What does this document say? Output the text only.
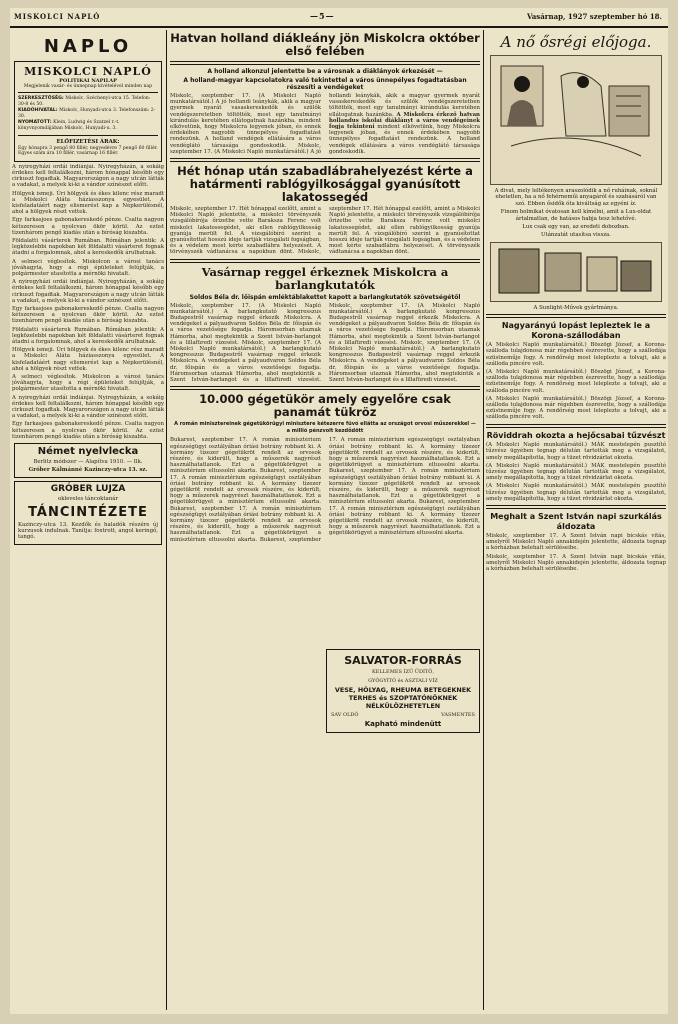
MISKOLCI NAPLÓ	—5—	Vasárnap, 1927 szeptember hó 18.
NAPLO
MISKOLCI NAPLÓ
POLITIKAI NAPILAP
Megjelenik vasár- és ünnepnap kivételével minden nap
SZERKESZTŐSÉG: Miskolc, Széchenyi-utca 15. Telefon: 30-8 és 50.
KIADÓHIVATAL: Miskolc, Hunyadi-utca 3. Telefonszám: 2-30.
NYOMATOTT: Klein, Ludwig és Szatzel r.-t. könyvnyomdájában Miskolc, Hunyadi-u. 3.
ELŐFIZETÉSI ÁRAK:
Egy hónapra 3 pengő 80 fillér, negyedévre 7 pengő 60 fillér. Egyes szám ára 10 fillér, vasárnap 16 fillér.

A nyiregyházi ordái indiánjai. Nyiregyházán, a sokáig érdekes kell feltalálkozni, három hónappal később egy cirkuszt fogadtak. Magyarországon a nagy utcán látták a vadakat, a melyek ki-ki a vándor színészet előtt.

Hölgyek ismeji. Úri hölgyek és ékes kilenc rész maradt a Miskolci Aláta háziasszonya egyesület. A kisfeladatáért nagy elismerést kap a Népkerülésnél, ahol a hölgyek részt vettek.

Egy farkasjoes gabonakereskedő pénze. Csalta nagyon kétszeresen a nyolcvan ökör körül. Az ezüst tizenhárom pengő kiadás után a bíróság kiszabta.

Földalatti vásárterek Rumában. Rómában jelentik: A legközelebbi napokban két földalatti vásárteret fognak átadni a forgalomnak, ahol a kereskedők árulhatnak.

A selmeci véglesítok. Miskolcon a városi tanács jóváhagyta, hogy a régi épületeket felújítják, a polgármester utasította a mérnöki hivatalt.

A nyiregyházi ordái indiánjai. Nyiregyházán, a sokáig érdekes kell feltalálkozni, három hónappal később egy cirkuszt fogadtak. Magyarországon a nagy utcán látták a vadakat, a melyek ki-ki a vándor színészet előtt.

Egy farkasjoes gabonakereskedő pénze. Csalta nagyon kétszeresen a nyolcvan ökör körül. Az ezüst tizenhárom pengő kiadás után a bíróság kiszabta.

Földalatti vásárterek Rumában. Rómában jelentik: A legközelebbi napokban két földalatti vásárteret fognak átadni a forgalomnak, ahol a kereskedők árulhatnak.

Hölgyek ismeji. Úri hölgyek és ékes kilenc rész maradt a Miskolci Aláta háziasszonya egyesület. A kisfeladatáért nagy elismerést kap a Népkerülésnél, ahol a hölgyek részt vettek.

A selmeci véglesítok. Miskolcon a városi tanács jóváhagyta, hogy a régi épületeket felújítják, a polgármester utasította a mérnöki hivatalt.

A nyiregyházi ordái indiánjai. Nyiregyházán, a sokáig érdekes kell feltalálkozni, három hónappal később egy cirkuszt fogadtak. Magyarországon a nagy utcán látták a vadakat, a melyek ki-ki a vándor színészet előtt.

Egy farkasjoes gabonakereskedő pénze. Csalta nagyon kétszeresen a nyolcvan ökör körül. Az ezüst tizenhárom pengő kiadás után a bíróság kiszabta.

Német nyelvlecka
Berlitz módszer — Alapítva 1910. — Ilk.
Gróber Kálmánné Kazinczy-utca 13. sz.
GRÓBER LUJZA
okleveles táncoktanár
TÁNCINTÉZETE
Kazinczy-utca 13. Kezdők és haladók részére új kurzusok indulnak. Tanítja: foxtrott, angol keringő, tangó.
Hatvan holland diákleány jön Miskolcra október első felében
A holland alkonzul jelentette be a városnak a diáklányok érkezését —
A holland-magyar kapcsolatokra való tekintettel a város ünnepélyes fogadtatásban részesíti a vendégeket
Miskolc, szeptember 17. (A Miskolci Napló munkatársától.) A jó hollandi leánykák, akik a magyar gyermek nyarát vasaskereskedők és szülők vendégszeretetben töltötték, most egy tanulmányi kirándulás keretében ellátogatnak hazánkba. mindent elkövetünk, hogy Miskolcra legyenek jóban, és ennek érdekében nagyobb ünnepélyes fogadtatást rendezünk. A holland vendégek ellátására a város vendéglátó társasága gondoskodik. Miskolc, szeptember 17. (A Miskolci Napló munkatársától.) A jó hollandi leánykák, akik a magyar gyermek nyarát vasaskereskedők és szülők vendégszeretetben töltötték, most egy tanulmányi kirándulás keretében ellátogatnak hazánkba. A Miskolcra érkező hatvan hollandus iskolai diáklányt a város vendégeinek fogja tekinteni mindent elkövetünk, hogy Miskolcra legyenek jóban, és ennek érdekében nagyobb ünnepélyes fogadtatást rendezünk. A holland vendégek ellátására a város vendéglátó társasága gondoskodik.
Hét hónap után szabadlábrahelyezést kérte a határmenti rablógyilkosággal gyanúsított lakatossegéd
Miskolc, szeptember 17. Hét hónappal ezelőtt, amint a Miskolci Napló jelentette, a miskolci törvényszék vizsgálóbírója őrizetbe vette Baraksza Ferenc volt miskolci lakatossegédet, aki ellen rablógyilkosság gyanúja merült fel. A vizsgálóbíró szerint a gyanúsítottat hosszú ideje tartják vizsgálati fogságban, és a védelem most kérte szabadlábra helyezését. A törvényszék vádtanácsa a napokban dönt. Miskolc, szeptember 17. Hét hónappal ezelőtt, amint a Miskolci Napló jelentette, a miskolci törvényszék vizsgálóbírója őrizetbe vette Baraksza Ferenc volt miskolci lakatossegédet, aki ellen rablógyilkosság gyanúja merült fel. A vizsgálóbíró szerint a gyanúsítottat hosszú ideje tartják vizsgálati fogságban, és a védelem most kérte szabadlábra helyezését. A törvényszék vádtanácsa a napokban dönt.
Vasárnap reggel érkeznek Miskolcra a barlangkutatók
Soldos Béla dr. lőispán emléktáblakettet kapott a barlangkutatók szövetségétől
Miskolc, szeptember 17. (A Miskolci Napló munkatársától.) A barlangkutató kongresszus Budapestről vasárnap reggel érkezik Miskolcra. A vendégeket a pályaudvaron Soldos Béla dr. főispán és a város vezetősége fogadja. Háromsorban utaznak Hámorba, ahol megtekintik a Szent István-barlangot és a lillafüredi vízesést. Miskolc, szeptember 17. (A Miskolci Napló munkatársától.) A barlangkutató kongresszus Budapestről vasárnap reggel érkezik Miskolcra. A vendégeket a pályaudvaron Soldos Béla dr. főispán és a város vezetősége fogadja. Háromsorban utaznak Hámorba, ahol megtekintik a Szent István-barlangot és a lillafüredi vízesést. Miskolc, szeptember 17. (A Miskolci Napló munkatársától.) A barlangkutató kongresszus Budapestről vasárnap reggel érkezik Miskolcra. A vendégeket a pályaudvaron Soldos Béla dr. főispán és a város vezetősége fogadja. Háromsorban utaznak Hámorba, ahol megtekintik a Szent István-barlangot és a lillafüredi vízesést. Miskolc, szeptember 17. (A Miskolci Napló munkatársától.) A barlangkutató kongresszus Budapestről vasárnap reggel érkezik Miskolcra. A vendégeket a pályaudvaron Soldos Béla dr. főispán és a város vezetősége fogadja. Háromsorban utaznak Hámorba, ahol megtekintik a Szent István-barlangot és a lillafüredi vízesést.
10.000 gégetükör amely egyelőre csak panamát tükröz
A román minisztereinek gégetükörügyi minisztere kétezerre fúvó ellátta az országot orvosi műszerekkel — a millió pénzvolt kezdődött
Bukarest, szeptember 17. A román minisztérium egészségügyi osztályában óriási botrány robbant ki. A kormány tízezer gégetükröt rendelt az orvosok részére, és kiderült, hogy a műszerek nagyrészt használhatatlanok. Ezt a gégetükörügyet a minisztérium eltussolni akarta. Bukarest, szeptember 17. A román minisztérium egészségügyi osztályában óriási botrány robbant ki. A kormány tízezer gégetükröt rendelt az orvosok részére, és kiderült, hogy a műszerek nagyrészt használhatatlanok. Ezt a gégetükörügyet a minisztérium eltussolni akarta. Bukarest, szeptember 17. A román minisztérium egészségügyi osztályában óriási botrány robbant ki. A kormány tízezer gégetükröt rendelt az orvosok részére, és kiderült, hogy a műszerek nagyrészt használhatatlanok. Ezt a gégetükörügyet a minisztérium eltussolni akarta. Bukarest, szeptember 17. A román minisztérium egészségügyi osztályában óriási botrány robbant ki. A kormány tízezer gégetükröt rendelt az orvosok részére, és kiderült, hogy a műszerek nagyrészt használhatatlanok. Ezt a gégetükörügyet a minisztérium eltussolni akarta. Bukarest, szeptember 17. A román minisztérium egészségügyi osztályában óriási botrány robbant ki. A kormány tízezer gégetükröt rendelt az orvosok részére, és kiderült, hogy a műszerek nagyrészt használhatatlanok. Ezt a gégetükörügyet a minisztérium eltussolni akarta. Bukarest, szeptember 17. A román minisztérium egészségügyi osztályában óriási botrány robbant ki. A kormány tízezer gégetükröt rendelt az orvosok részére, és kiderült, hogy a műszerek nagyrészt használhatatlanok. Ezt a gégetükörügyet a minisztérium eltussolni akarta.
SALVATOR-FORRÁS
KELLEMES ÍZŰ ÜDÍTŐ,
GYÓGYÍTÓ és ASZTALI VÍZ
VESE, HÓLYAG, RHEUMA BETEGEKNEK
TERHES és SZOPTATÓNŐKNEK NÉLKÜLÖZHETETLEN
SAV OLDÓ	VASMENTES
Kapható mindenütt
A nő ősrégi előjoga.

A divat, mely leltékenyen araszolódik a nő ruháinak, soknál ehetetlen, ha a nő fehérneműi anyagáról és szabásáról van szó. Ebben ősidők óta kiváltság az egyéni íz.

Finom holmikat óvatosan kell kímélni, amit a Lux-oldat ártalmatlan, de hatásos habja tesz lehetővé.

Lux csak egy van, az eredeti dobozban.

Utánzatát utasítsa vissza.

A Sunlight-Művek gyártmánya.

Nagyarányú lopást lepleztek le a Korona-szállodában

(A Miskolci Napló munkatársától.) Böszögi József, a Korona-szálloda tulajdonosa már régebben észrevette, hogy a szállodája ezüstneműje fogy. A rendőrség most leleplezte a tolvajt, aki a szálloda pincére volt.

(A Miskolci Napló munkatársától.) Böszögi József, a Korona-szálloda tulajdonosa már régebben észrevette, hogy a szállodája ezüstneműje fogy. A rendőrség most leleplezte a tolvajt, aki a szálloda pincére volt.

(A Miskolci Napló munkatársától.) Böszögi József, a Korona-szálloda tulajdonosa már régebben észrevette, hogy a szállodája ezüstneműje fogy. A rendőrség most leleplezte a tolvajt, aki a szálloda pincére volt.

Röviddrah okozta a hejőcsabai tűzvészt

(A Miskolci Napló munkatársától.) MÁK mestelepén pusztító tűzvész ügyében tegnap délután tartották meg a vizsgálatot, amely megállapította, hogy a tüzet rövidzárlat okozta.

(A Miskolci Napló munkatársától.) MÁK mestelepén pusztító tűzvész ügyében tegnap délután tartották meg a vizsgálatot, amely megállapította, hogy a tüzet rövidzárlat okozta.

(A Miskolci Napló munkatársától.) MÁK mestelepén pusztító tűzvész ügyében tegnap délután tartották meg a vizsgálatot, amely megállapította, hogy a tüzet rövidzárlat okozta.

Meghalt a Szent István napi szurkálás áldozata

Miskolc, szeptember 17. A Szent István napi bicskás vitás, amelyről Miskolci Napló annakidején jelentette, áldozata tegnap a kórházban belehalt sérüléseibe.

Miskolc, szeptember 17. A Szent István napi bicskás vitás, amelyről Miskolci Napló annakidején jelentette, áldozata tegnap a kórházban belehalt sérüléseibe.
